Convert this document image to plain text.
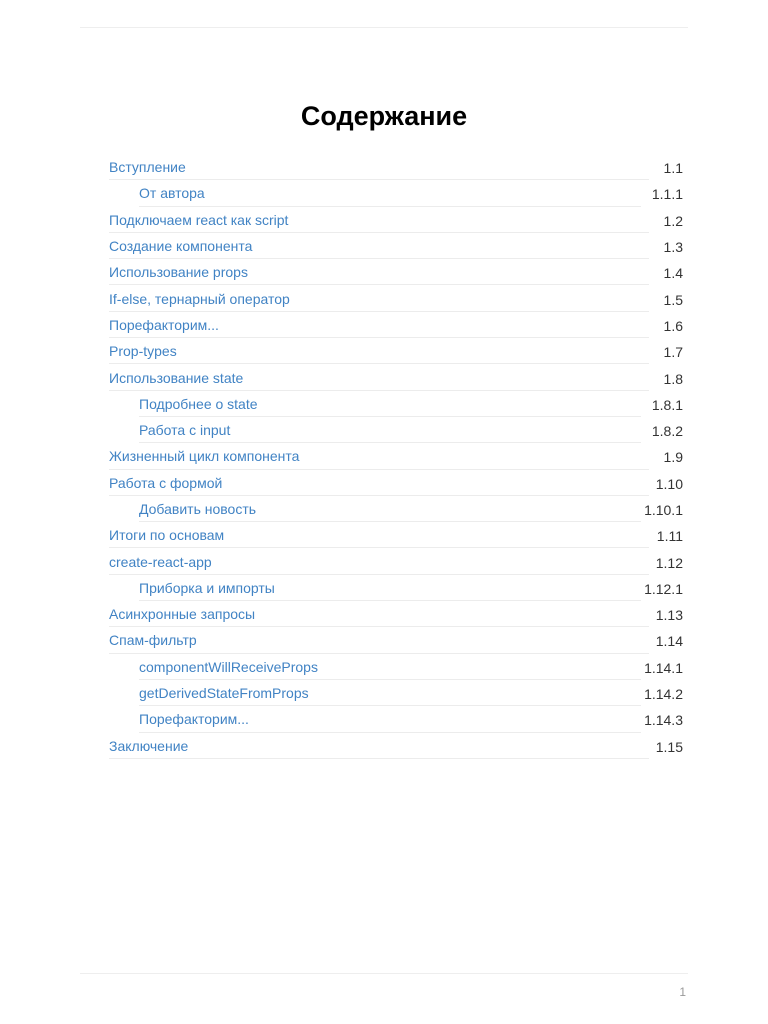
Содержание
Вступление	1.1
От автора	1.1.1
Подключаем react как script	1.2
Создание компонента	1.3
Использование props	1.4
If-else, тернарный оператор	1.5
Порефакторим...	1.6
Prop-types	1.7
Использование state	1.8
Подробнее о state	1.8.1
Работа с input	1.8.2
Жизненный цикл компонента	1.9
Работа с формой	1.10
Добавить новость	1.10.1
Итоги по основам	1.11
create-react-app	1.12
Приборка и импорты	1.12.1
Асинхронные запросы	1.13
Спам-фильтр	1.14
componentWillReceiveProps	1.14.1
getDerivedStateFromProps	1.14.2
Порефакторим...	1.14.3
Заключение	1.15
1
